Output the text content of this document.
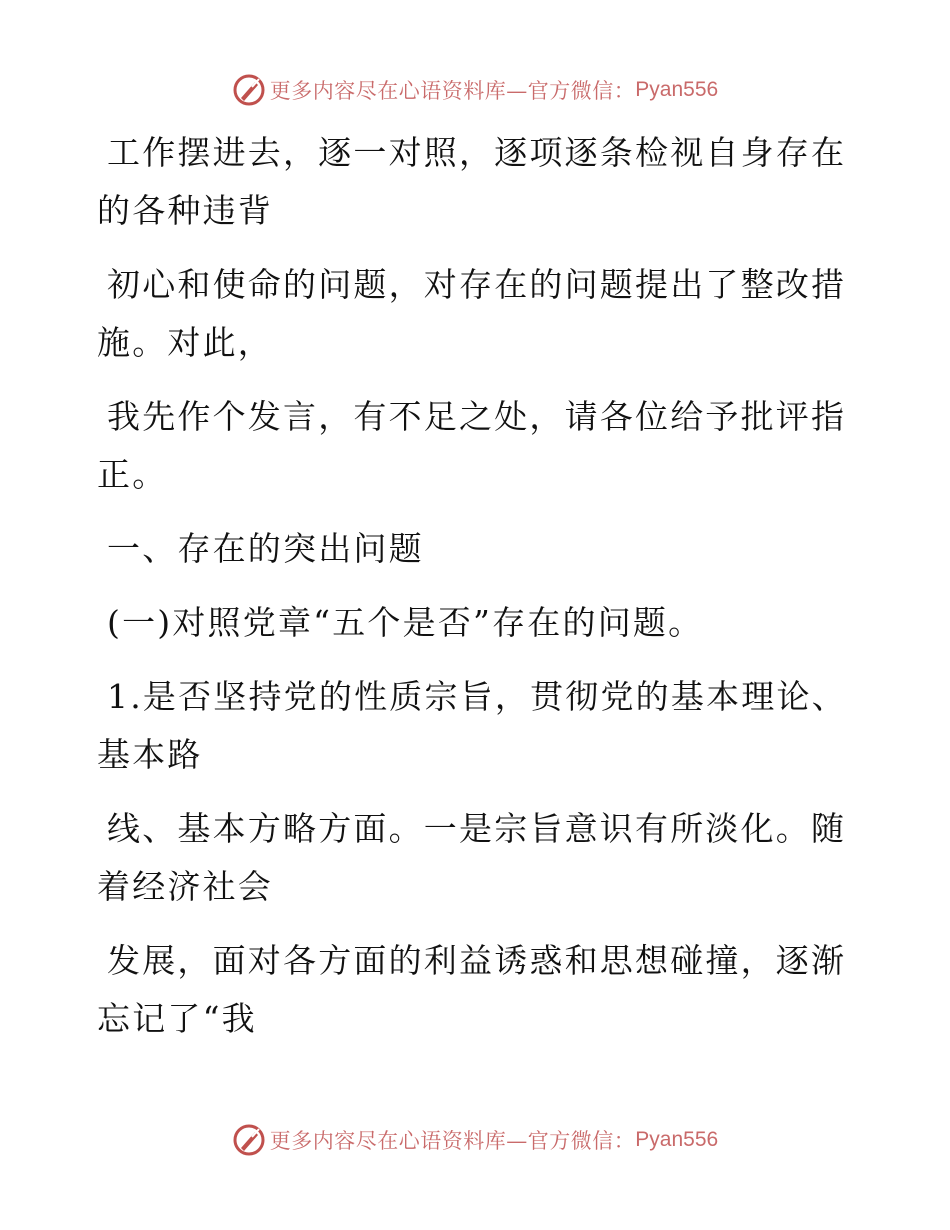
更多内容尽在心语资料库—官方微信： Pyan556
工作摆进去，逐一对照，逐项逐条检视自身存在
的各种违背
初心和使命的问题，对存在的问题提出了整改措
施。对此，
我先作个发言，有不足之处，请各位给予批评指
正。
一、存在的突出问题
(一)对照党章“五个是否”存在的问题。
1.是否坚持党的性质宗旨，贯彻党的基本理论、
基本路
线、基本方略方面。一是宗旨意识有所淡化。随
着经济社会
发展，面对各方面的利益诱惑和思想碰撞，逐渐
忘记了“我
更多内容尽在心语资料库—官方微信： Pyan556
